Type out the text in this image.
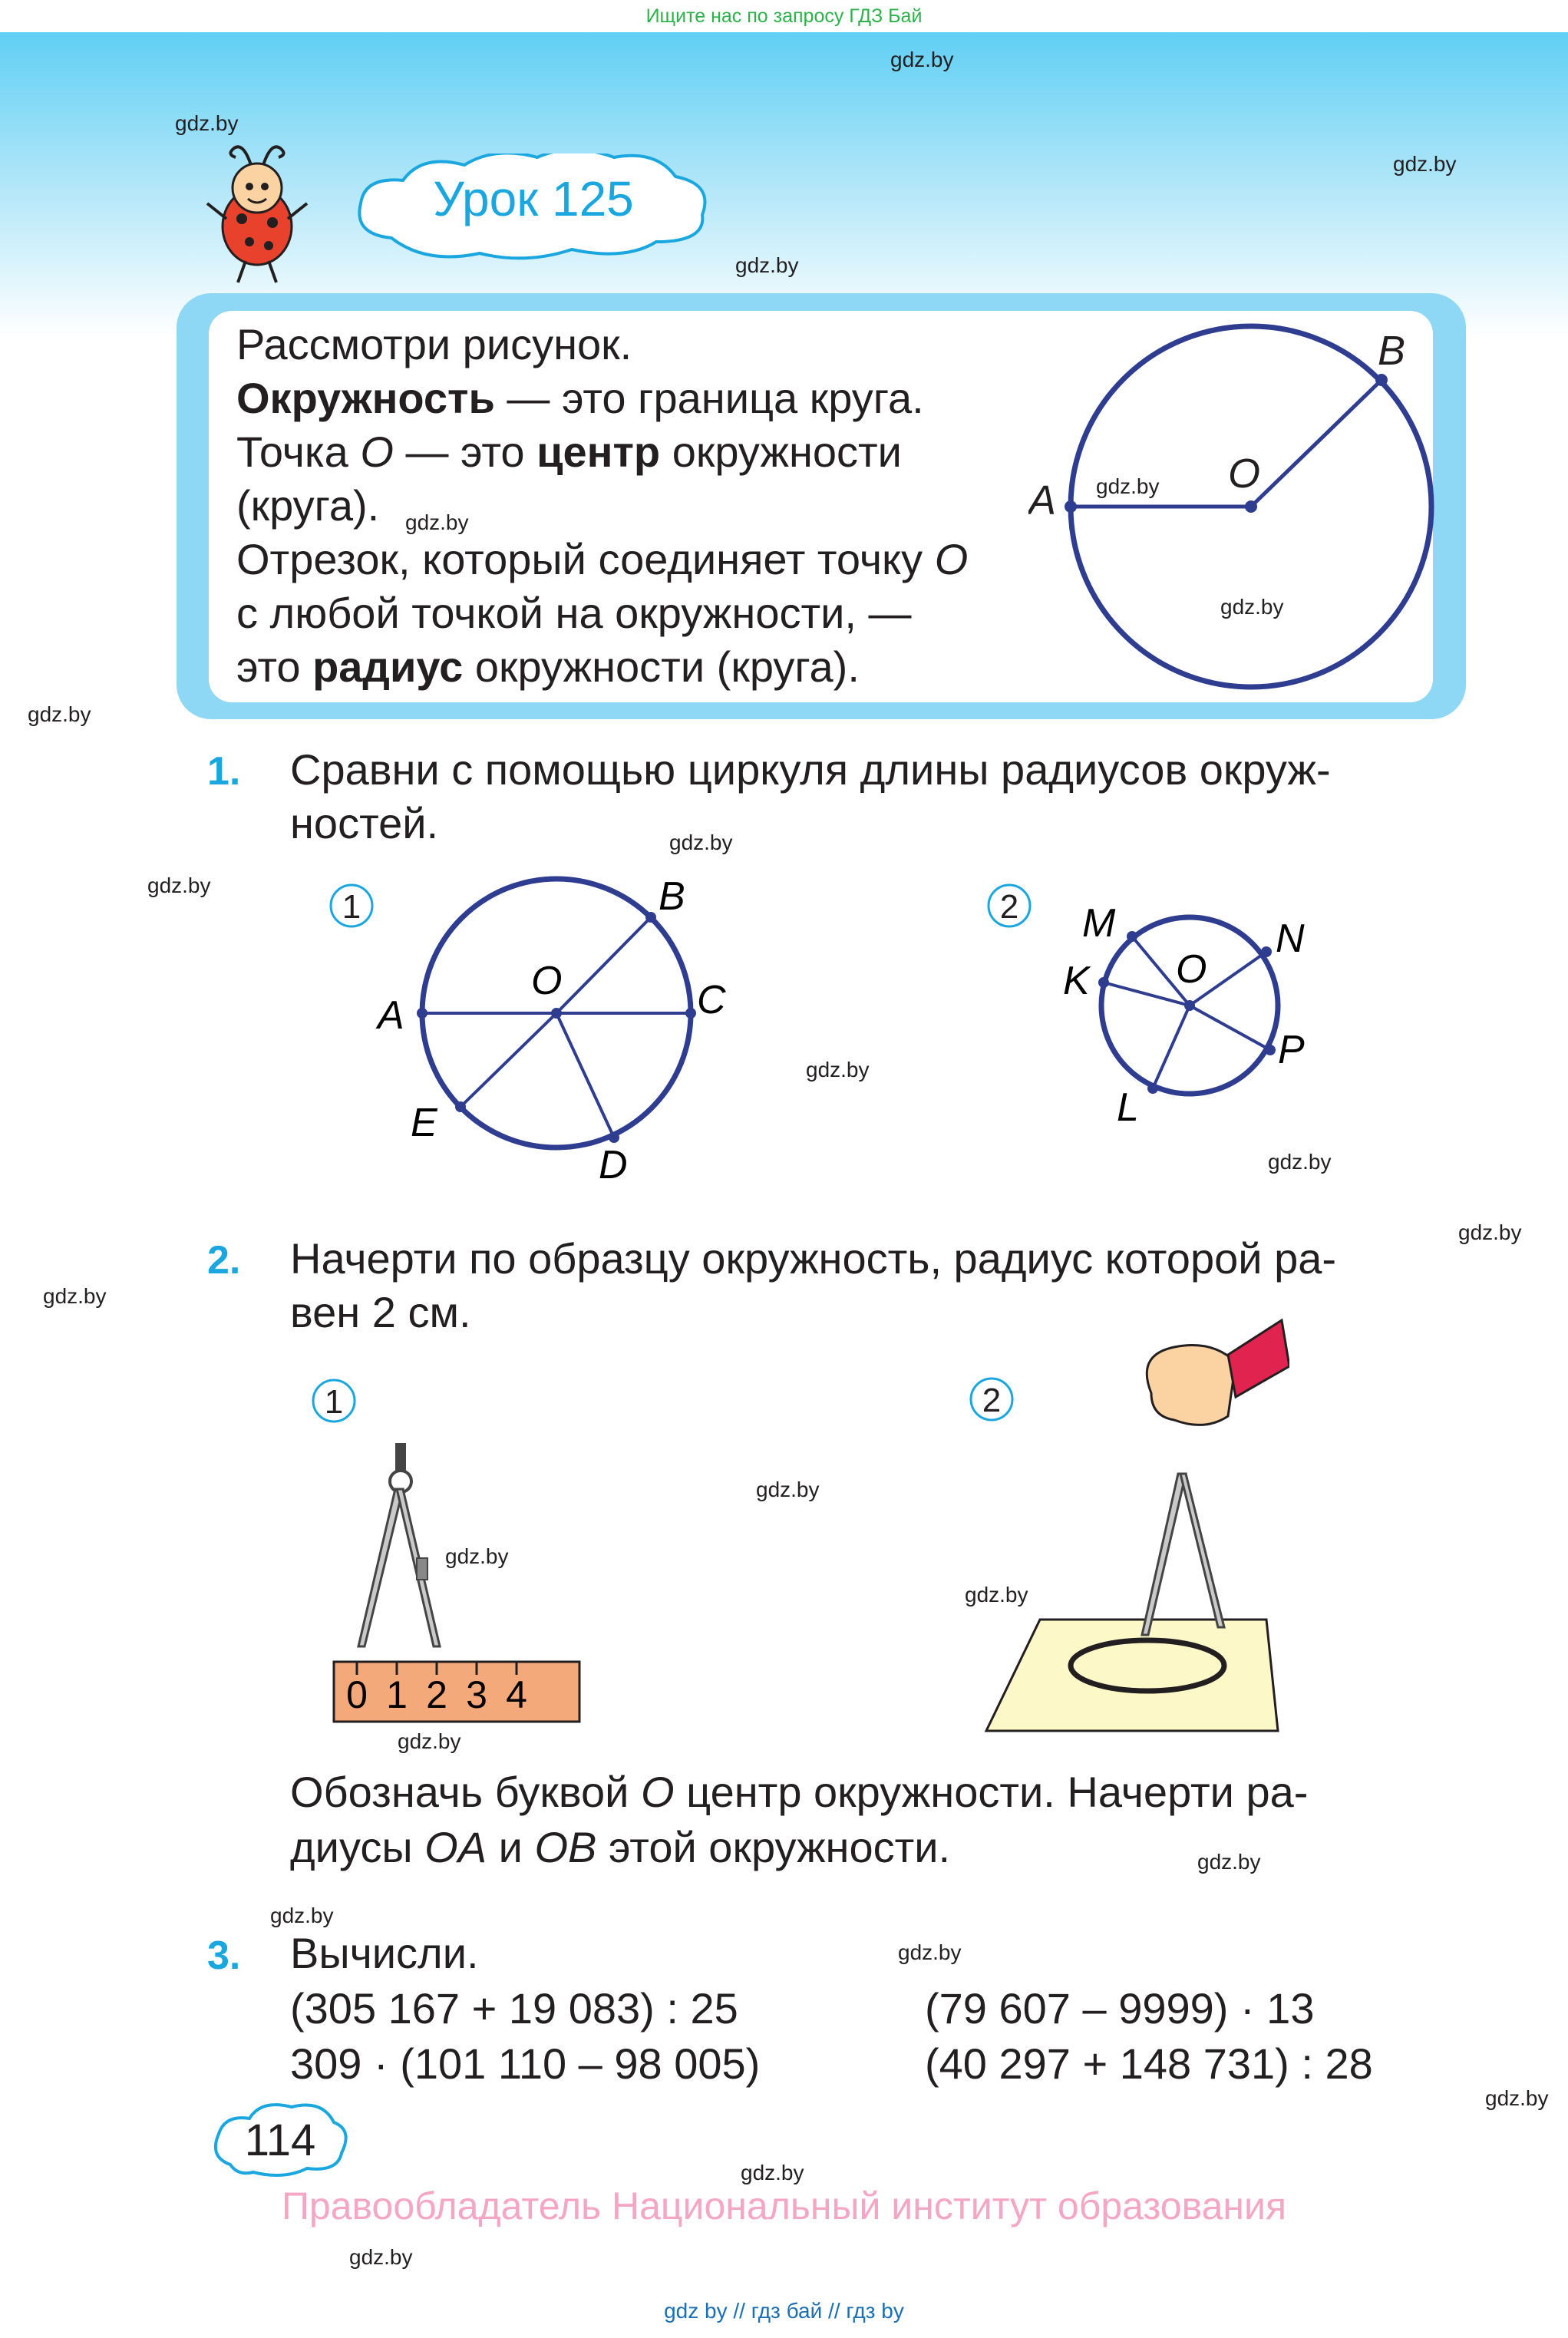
Ищите нас по запросу ГДЗ Бай
Урок 125
Рассмотри рисунок.
Окружность — это граница круга.
Точка O — это центр окружности
(круга).
Отрезок, который соединяет точку O
с любой точкой на окружности, —
это радиус окружности (круга).
A
B
O
1. Сравни с помощью циркуля длины радиусов окруж-
ностей.
1
A
B
C
D
E
O
2 M	N
K O
P
L
2. Начерти по образцу окружность, радиус которой ра-
вен 2 см.
1
0 1 2 3 4
2
Обозначь буквой O центр окружности. Начерти ра-
диусы OA и OB этой окружности.
3. Вычисли.
(305 167 + 19 083) : 25	(79 607 – 9999) · 13
309 · (101 110 – 98 005)	(40 297 + 148 731) : 28
114
Правообладатель Национальный институт образования
gdz.by
gdz.by
gdz.by
gdz.by
gdz.by
gdz.by
gdz.by
gdz.by
gdz.by
gdz.by
gdz.by
gdz.by
gdz.by
gdz.by
gdz.by
gdz.by
gdz.by
gdz.by
gdz.by
gdz.by
gdz.by
gdz.by
gdz.by
gdz.by
gdz by // гдз бай // гдз by
